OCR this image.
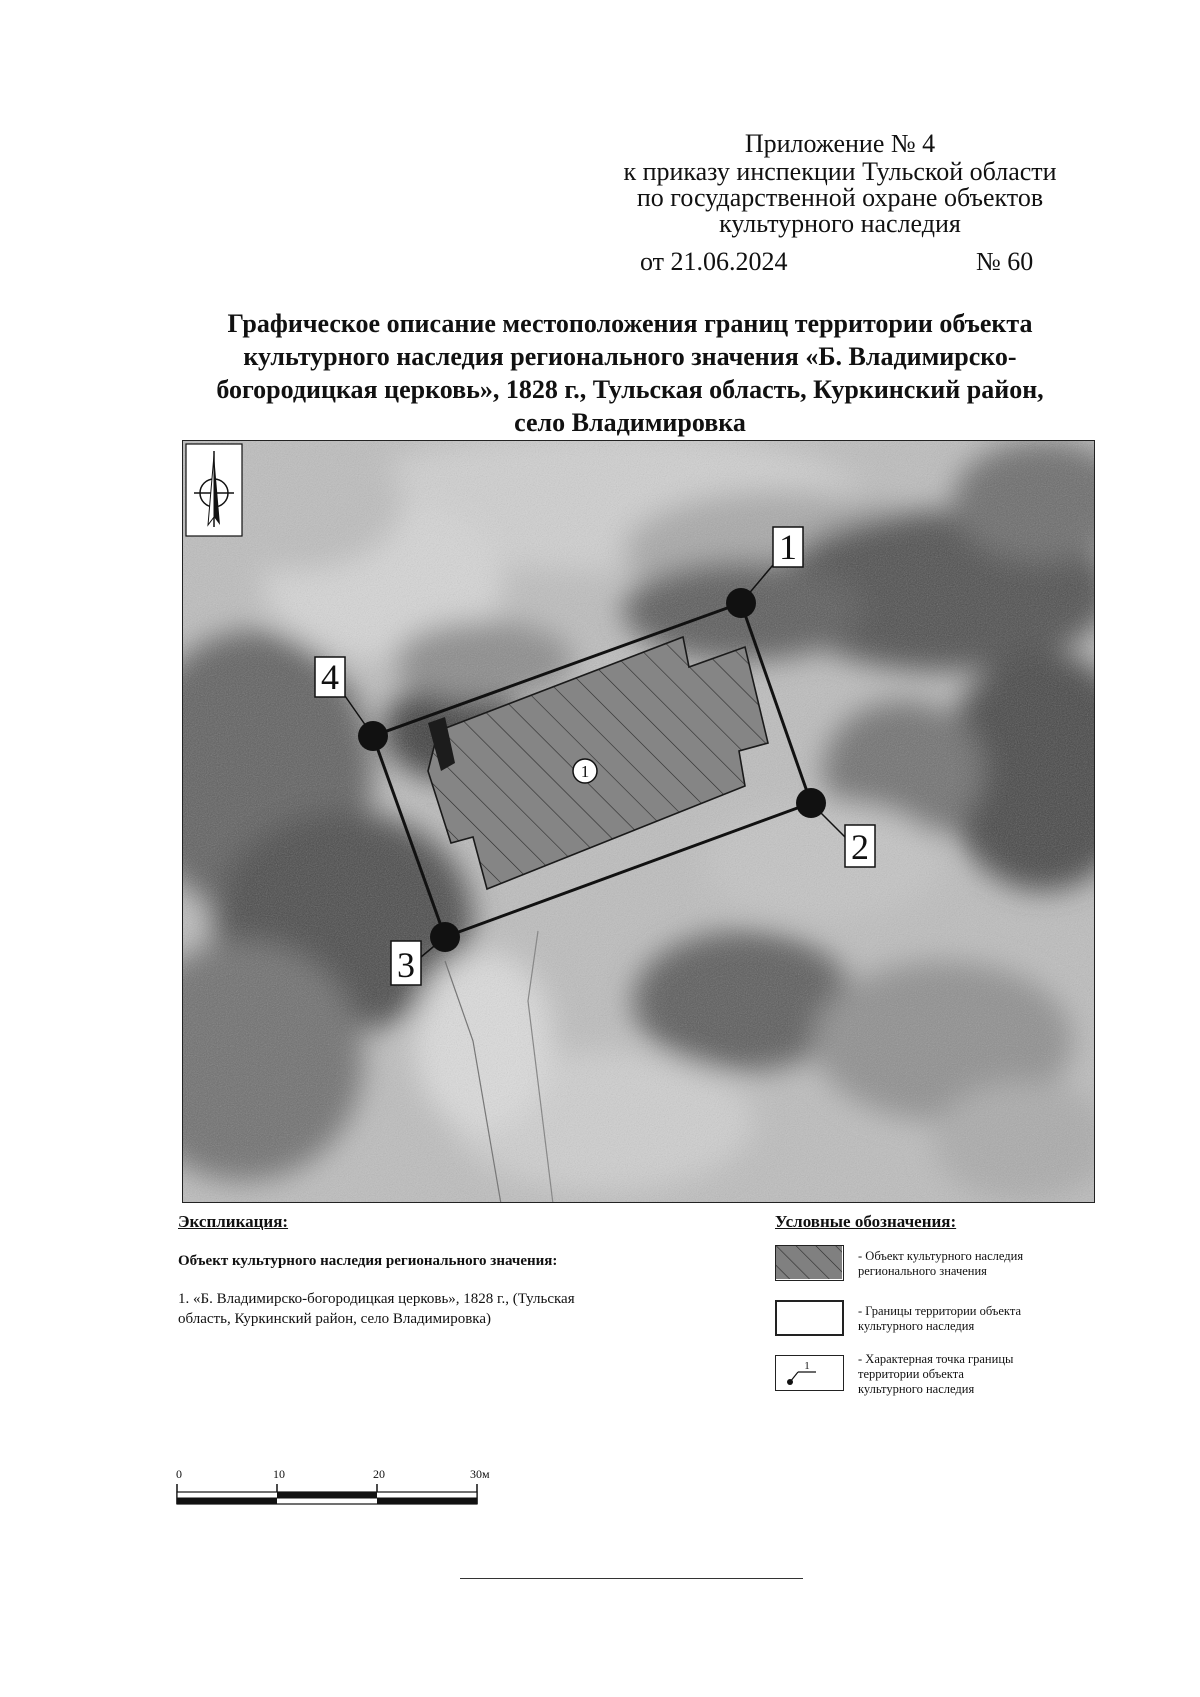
Приложение № 4
к приказу инспекции Тульской области
по государственной охране объектов
культурного наследия
от 21.06.2024	№ 60
Графическое описание местоположения границ территории объекта
культурного наследия регионального значения «Б. Владимирско-
богородицкая церковь», 1828 г., Тульская область, Куркинский район,
село Владимировка
1
1
2
3
4
Экспликация:
Объект культурного наследия регионального значения:
1. «Б. Владимирско-богородицкая церковь», 1828 г., (Тульская
область, Куркинский район, село Владимировка)
Условные обозначения:
- Объект культурного наследия
регионального значения
- Границы территории объекта
культурного наследия
1	- Характерная точка границы
территории объекта
культурного наследия
0	10	20	30м
